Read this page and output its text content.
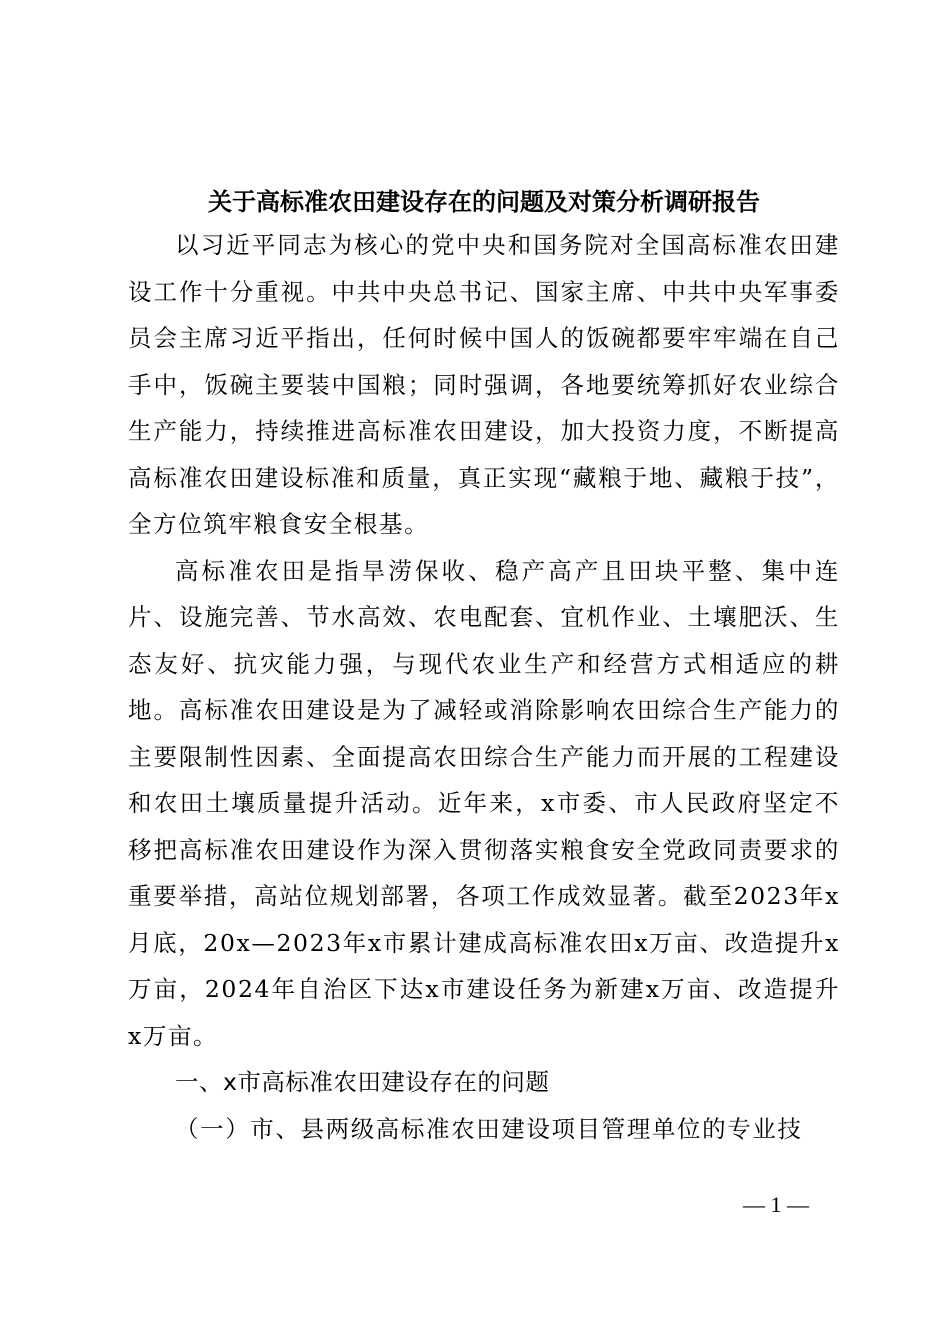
关于高标准农田建设存在的问题及对策分析调研报告

以习近平同志为核心的党中央和国务院对全国高标准农田建设工作十分重视。中共中央总书记、国家主席、中共中央军事委员会主席习近平指出，任何时候中国人的饭碗都要牢牢端在自己手中，饭碗主要装中国粮；同时强调，各地要统筹抓好农业综合生产能力，持续推进高标准农田建设，加大投资力度，不断提高高标准农田建设标准和质量，真正实现“藏粮于地、藏粮于技”，全方位筑牢粮食安全根基。

高标准农田是指旱涝保收、稳产高产且田块平整、集中连片、设施完善、节水高效、农电配套、宜机作业、土壤肥沃、生态友好、抗灾能力强，与现代农业生产和经营方式相适应的耕地。高标准农田建设是为了减轻或消除影响农田综合生产能力的主要限制性因素、全面提高农田综合生产能力而开展的工程建设和农田土壤质量提升活动。近年来，x市委、市人民政府坚定不移把高标准农田建设作为深入贯彻落实粮食安全党政同责要求的重要举措，高站位规划部署，各项工作成效显著。截至2023年x月底，20x—2023年x市累计建成高标准农田x万亩、改造提升x万亩，2024年自治区下达x市建设任务为新建x万亩、改造提升x万亩。

一、x市高标准农田建设存在的问题

（一）市、县两级高标准农田建设项目管理单位的专业技

— 1 —
